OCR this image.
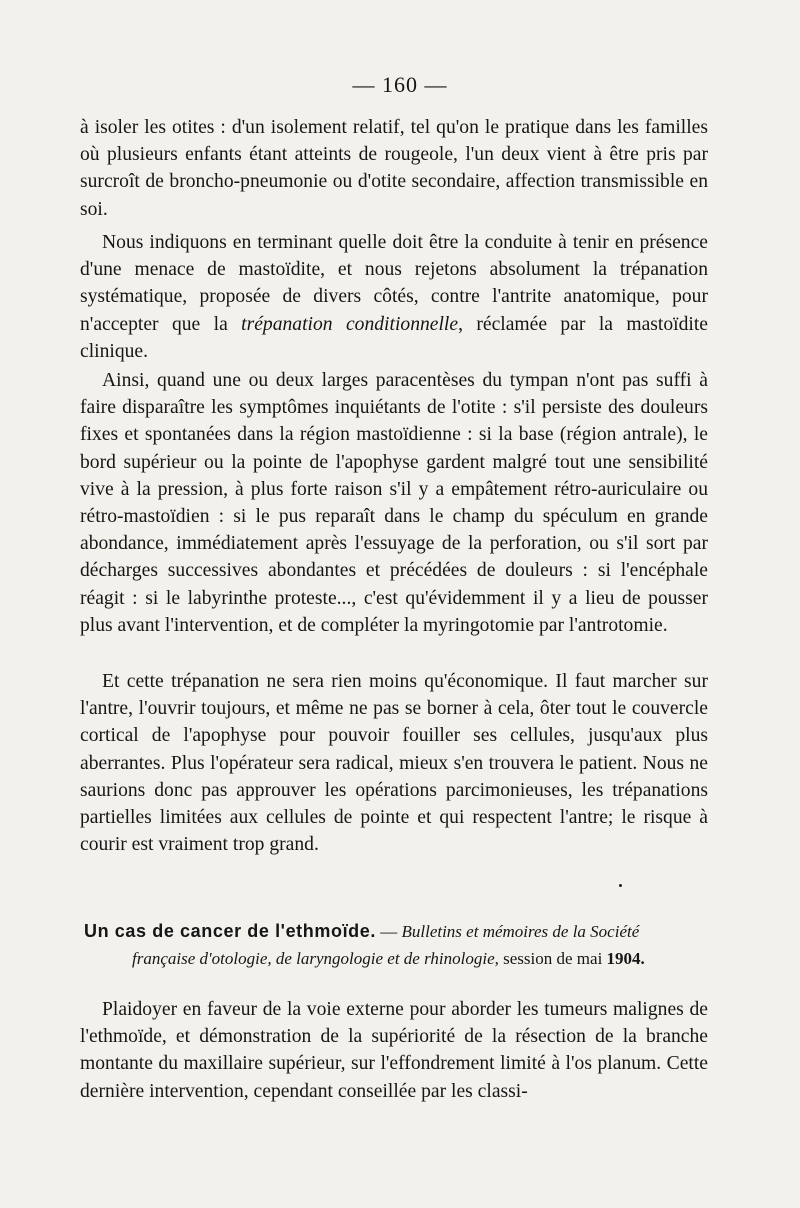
— 160 —

à isoler les otites : d'un isolement relatif, tel qu'on le pratique dans les familles où plusieurs enfants étant atteints de rougeole, l'un deux vient à être pris par surcroît de broncho-pneumonie ou d'otite secondaire, affection transmissible en soi.

Nous indiquons en terminant quelle doit être la conduite à tenir en présence d'une menace de mastoïdite, et nous rejetons absolument la trépanation systématique, proposée de divers côtés, contre l'antrite anatomique, pour n'accepter que la trépanation conditionnelle, réclamée par la mastoïdite clinique.

Ainsi, quand une ou deux larges paracentèses du tympan n'ont pas suffi à faire disparaître les symptômes inquiétants de l'otite : s'il persiste des douleurs fixes et spontanées dans la région mastoïdienne : si la base (région antrale), le bord supérieur ou la pointe de l'apophyse gardent malgré tout une sensibilité vive à la pression, à plus forte raison s'il y a empâtement rétro-auriculaire ou rétro-mastoïdien : si le pus reparaît dans le champ du spéculum en grande abondance, immédiatement après l'essuyage de la perforation, ou s'il sort par décharges successives abondantes et précédées de douleurs : si l'encéphale réagit : si le labyrinthe proteste..., c'est qu'évidemment il y a lieu de pousser plus avant l'intervention, et de compléter la myringotomie par l'antrotomie.

Et cette trépanation ne sera rien moins qu'économique. Il faut marcher sur l'antre, l'ouvrir toujours, et même ne pas se borner à cela, ôter tout le couvercle cortical de l'apophyse pour pouvoir fouiller ses cellules, jusqu'aux plus aberrantes. Plus l'opérateur sera radical, mieux s'en trouvera le patient. Nous ne saurions donc pas approuver les opérations parcimonieuses, les trépanations partielles limitées aux cellules de pointe et qui respectent l'antre; le risque à courir est vraiment trop grand.

Un cas de cancer de l'ethmoïde. — Bulletins et mémoires de la Société
française d'otologie, de laryngologie et de rhinologie, session de mai 1904.

Plaidoyer en faveur de la voie externe pour aborder les tumeurs malignes de l'ethmoïde, et démonstration de la supériorité de la résection de la branche montante du maxillaire supérieur, sur l'effondrement limité à l'os planum. Cette dernière intervention, cependant conseillée par les classi-
